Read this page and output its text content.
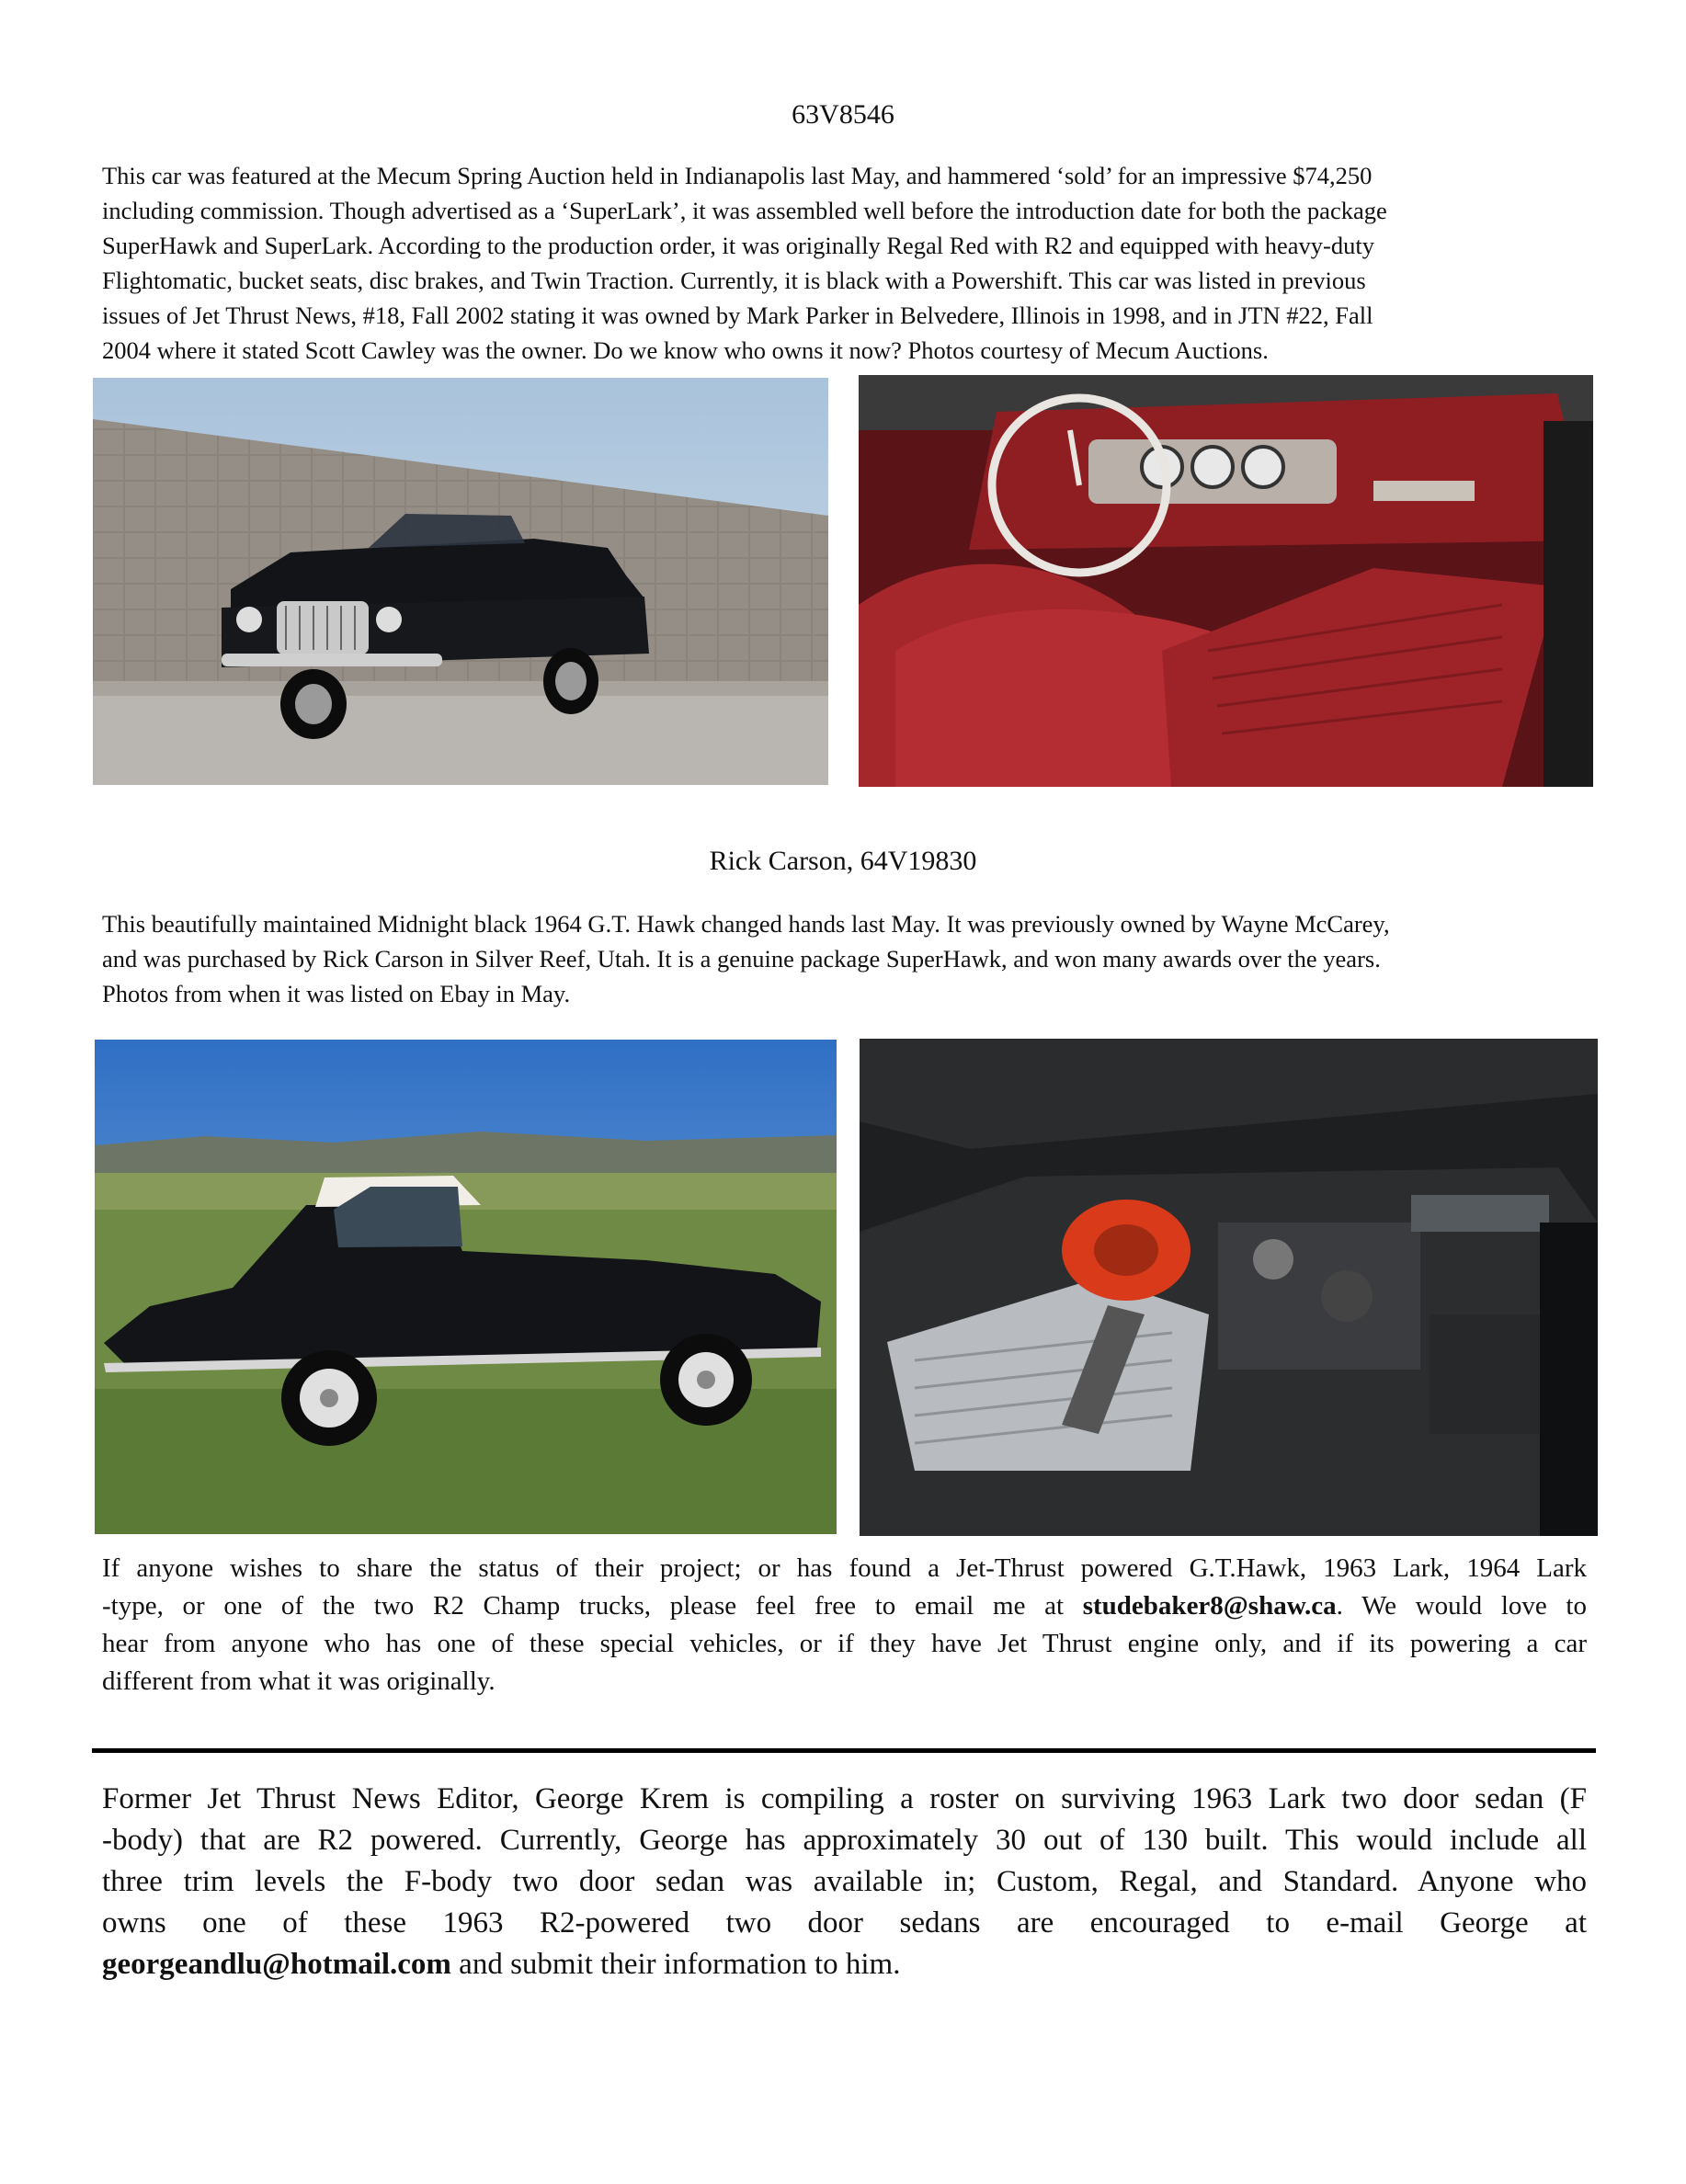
63V8546
This car was featured at the Mecum Spring Auction held in Indianapolis last May, and hammered ‘sold’ for an impressive $74,250
including commission. Though advertised as a ‘SuperLark’, it was assembled well before the introduction date for both the package
SuperHawk and SuperLark. According to the production order, it was originally Regal Red with R2 and equipped with heavy-duty
Flightomatic, bucket seats, disc brakes, and Twin Traction. Currently, it is black with a Powershift. This car was listed in previous
issues of Jet Thrust News, #18, Fall 2002 stating it was owned by Mark Parker in Belvedere, Illinois in 1998, and in JTN #22, Fall
2004 where it stated Scott Cawley was the owner. Do we know who owns it now? Photos courtesy of Mecum Auctions.
Rick Carson, 64V19830
This beautifully maintained Midnight black 1964 G.T. Hawk changed hands last May. It was previously owned by Wayne McCarey,
and was purchased by Rick Carson in Silver Reef, Utah. It is a genuine package SuperHawk, and won many awards over the years.
Photos from when it was listed on Ebay in May.
If anyone wishes to share the status of their project; or has found a Jet-Thrust powered G.T.Hawk, 1963 Lark, 1964 Lark
-type, or one of the two R2 Champ trucks, please feel free to email me at studebaker8@shaw.ca. We would love to
hear from anyone who has one of these special vehicles, or if they have Jet Thrust engine only, and if its powering a car
different from what it was originally.
Former Jet Thrust News Editor, George Krem is compiling a roster on surviving 1963 Lark two door sedan (F
-body) that are R2 powered. Currently, George has approximately 30 out of 130 built. This would include all
three trim levels the F-body two door sedan was available in; Custom, Regal, and Standard. Anyone who
owns  one  of  these  1963  R2-powered  two  door  sedans  are  encouraged  to  e-mail  George  at
georgeandlu@hotmail.com and submit their information to him.
